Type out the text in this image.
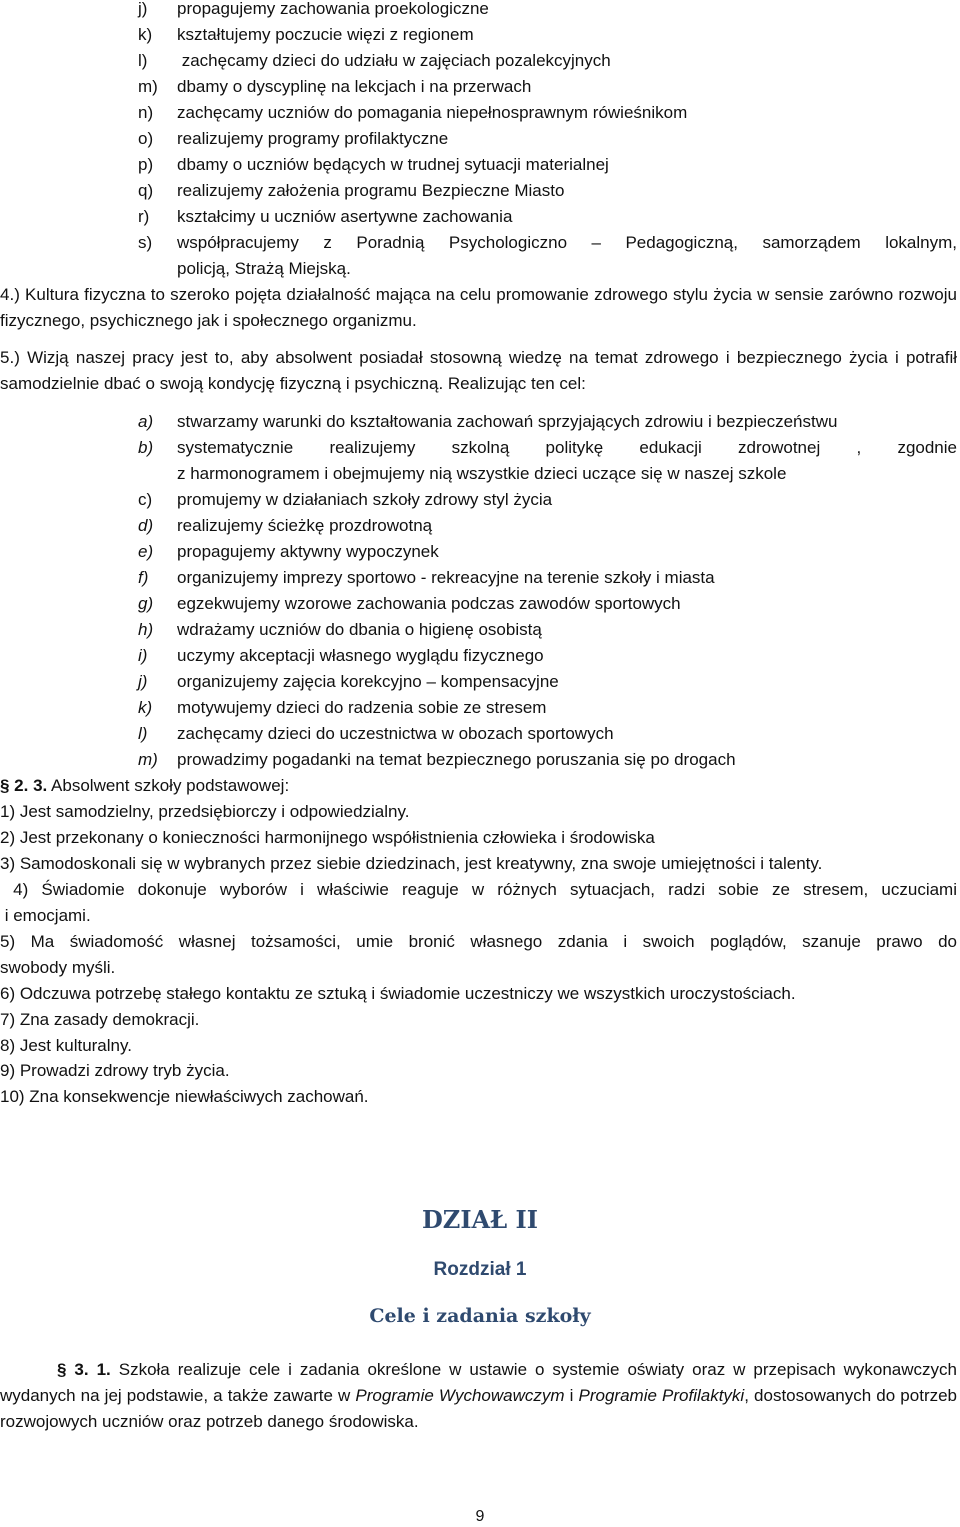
j) propagujemy zachowania proekologiczne
k) kształtujemy poczucie więzi z regionem
l) zachęcamy dzieci do udziału w zajęciach pozalekcyjnych
m) dbamy o dyscyplinę na lekcjach i na przerwach
n) zachęcamy uczniów do pomagania niepełnosprawnym rówieśnikom
o) realizujemy programy profilaktyczne
p) dbamy o uczniów będących w trudnej sytuacji materialnej
q) realizujemy założenia programu Bezpieczne Miasto
r) kształcimy u uczniów asertywne zachowania
s) współpracujemy z Poradnią Psychologiczno – Pedagogiczną, samorządem lokalnym,
policją, Strażą Miejską.
4.) Kultura fizyczna to szeroko pojęta działalność mająca na celu promowanie zdrowego stylu życia w sensie zarówno rozwoju fizycznego, psychicznego jak i społecznego organizmu.
5.) Wizją naszej pracy jest to, aby absolwent posiadał stosowną wiedzę na temat zdrowego i bezpiecznego życia i potrafił samodzielnie dbać o swoją kondycję fizyczną i psychiczną. Realizując ten cel:
a) stwarzamy warunki do kształtowania zachowań sprzyjających zdrowiu i bezpieczeństwu
b) systematycznie realizujemy szkolną politykę edukacji zdrowotnej , zgodnie
z harmonogramem i obejmujemy nią wszystkie dzieci uczące się w naszej szkole
c) promujemy w działaniach szkoły zdrowy styl życia
d) realizujemy ścieżkę prozdrowotną
e) propagujemy aktywny wypoczynek
f) organizujemy imprezy sportowo - rekreacyjne na terenie szkoły i miasta
g) egzekwujemy wzorowe zachowania podczas zawodów sportowych
h) wdrażamy uczniów do dbania o higienę osobistą
i) uczymy akceptacji własnego wyglądu fizycznego
j) organizujemy zajęcia korekcyjno – kompensacyjne
k) motywujemy dzieci do radzenia sobie ze stresem
l) zachęcamy dzieci do uczestnictwa w obozach sportowych
m) prowadzimy pogadanki na temat bezpiecznego poruszania się po drogach
§ 2. 3. Absolwent szkoły podstawowej:
1) Jest samodzielny, przedsiębiorczy i odpowiedzialny.
2) Jest przekonany o konieczności harmonijnego współistnienia człowieka i środowiska
3) Samodoskonali się w wybranych przez siebie dziedzinach, jest kreatywny, zna swoje umiejętności i talenty.
4) Świadomie dokonuje wyborów i właściwie reaguje w różnych sytuacjach, radzi sobie ze stresem, uczuciami
i emocjami.
5) Ma świadomość własnej tożsamości, umie bronić własnego zdania i swoich poglądów, szanuje prawo do
swobody myśli.
6) Odczuwa potrzebę stałego kontaktu ze sztuką i świadomie uczestniczy we wszystkich uroczystościach.
7) Zna zasady demokracji.
8) Jest kulturalny.
9) Prowadzi zdrowy tryb życia.
10) Zna konsekwencje niewłaściwych zachowań.
DZIAŁ II
Rozdział 1
Cele i zadania szkoły
§ 3. 1. Szkoła realizuje cele i zadania określone w ustawie o systemie oświaty oraz w przepisach wykonawczych wydanych na jej podstawie, a także zawarte w Programie Wychowawczym i Programie Profilaktyki, dostosowanych do potrzeb rozwojowych uczniów oraz potrzeb danego środowiska.
9
